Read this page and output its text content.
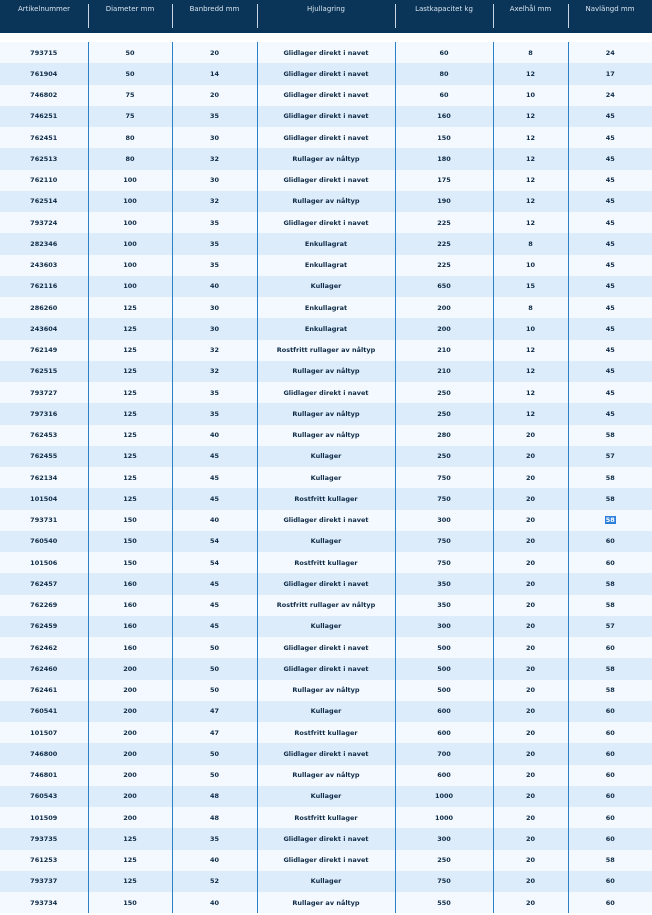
Artikelnummer	Diameter mm	Banbredd mm	Hjullagring	Lastkapacitet kg	Axelhål mm	Navlängd mm

793715	50	20	Glidlager direkt i navet	60	8	24
761904	50	14	Glidlager direkt i navet	80	12	17
746802	75	20	Glidlager direkt i navet	60	10	24
746251	75	35	Glidlager direkt i navet	160	12	45
762451	80	30	Glidlager direkt i navet	150	12	45
762513	80	32	Rullager av nåltyp	180	12	45
762110	100	30	Glidlager direkt i navet	175	12	45
762514	100	32	Rullager av nåltyp	190	12	45
793724	100	35	Glidlager direkt i navet	225	12	45
282346	100	35	Enkullagrat	225	8	45
243603	100	35	Enkullagrat	225	10	45
762116	100	40	Kullager	650	15	45
286260	125	30	Enkullagrat	200	8	45
243604	125	30	Enkullagrat	200	10	45
762149	125	32	Rostfritt rullager av nåltyp	210	12	45
762515	125	32	Rullager av nåltyp	210	12	45
793727	125	35	Glidlager direkt i navet	250	12	45
797316	125	35	Rullager av nåltyp	250	12	45
762453	125	40	Rullager av nåltyp	280	20	58
762455	125	45	Kullager	250	20	57
762134	125	45	Kullager	750	20	58
101504	125	45	Rostfritt kullager	750	20	58
793731	150	40	Glidlager direkt i navet	300	20	58
760540	150	54	Kullager	750	20	60
101506	150	54	Rostfritt kullager	750	20	60
762457	160	45	Glidlager direkt i navet	350	20	58
762269	160	45	Rostfritt rullager av nåltyp	350	20	58
762459	160	45	Kullager	300	20	57
762462	160	50	Glidlager direkt i navet	500	20	60
762460	200	50	Glidlager direkt i navet	500	20	58
762461	200	50	Rullager av nåltyp	500	20	58
760541	200	47	Kullager	600	20	60
101507	200	47	Rostfritt kullager	600	20	60
746800	200	50	Glidlager direkt i navet	700	20	60
746801	200	50	Rullager av nåltyp	600	20	60
760543	200	48	Kullager	1000	20	60
101509	200	48	Rostfritt kullager	1000	20	60
793735	125	35	Glidlager direkt i navet	300	20	60
761253	125	40	Glidlager direkt i navet	250	20	58
793737	125	52	Kullager	750	20	60
793734	150	40	Rullager av nåltyp	550	20	60
